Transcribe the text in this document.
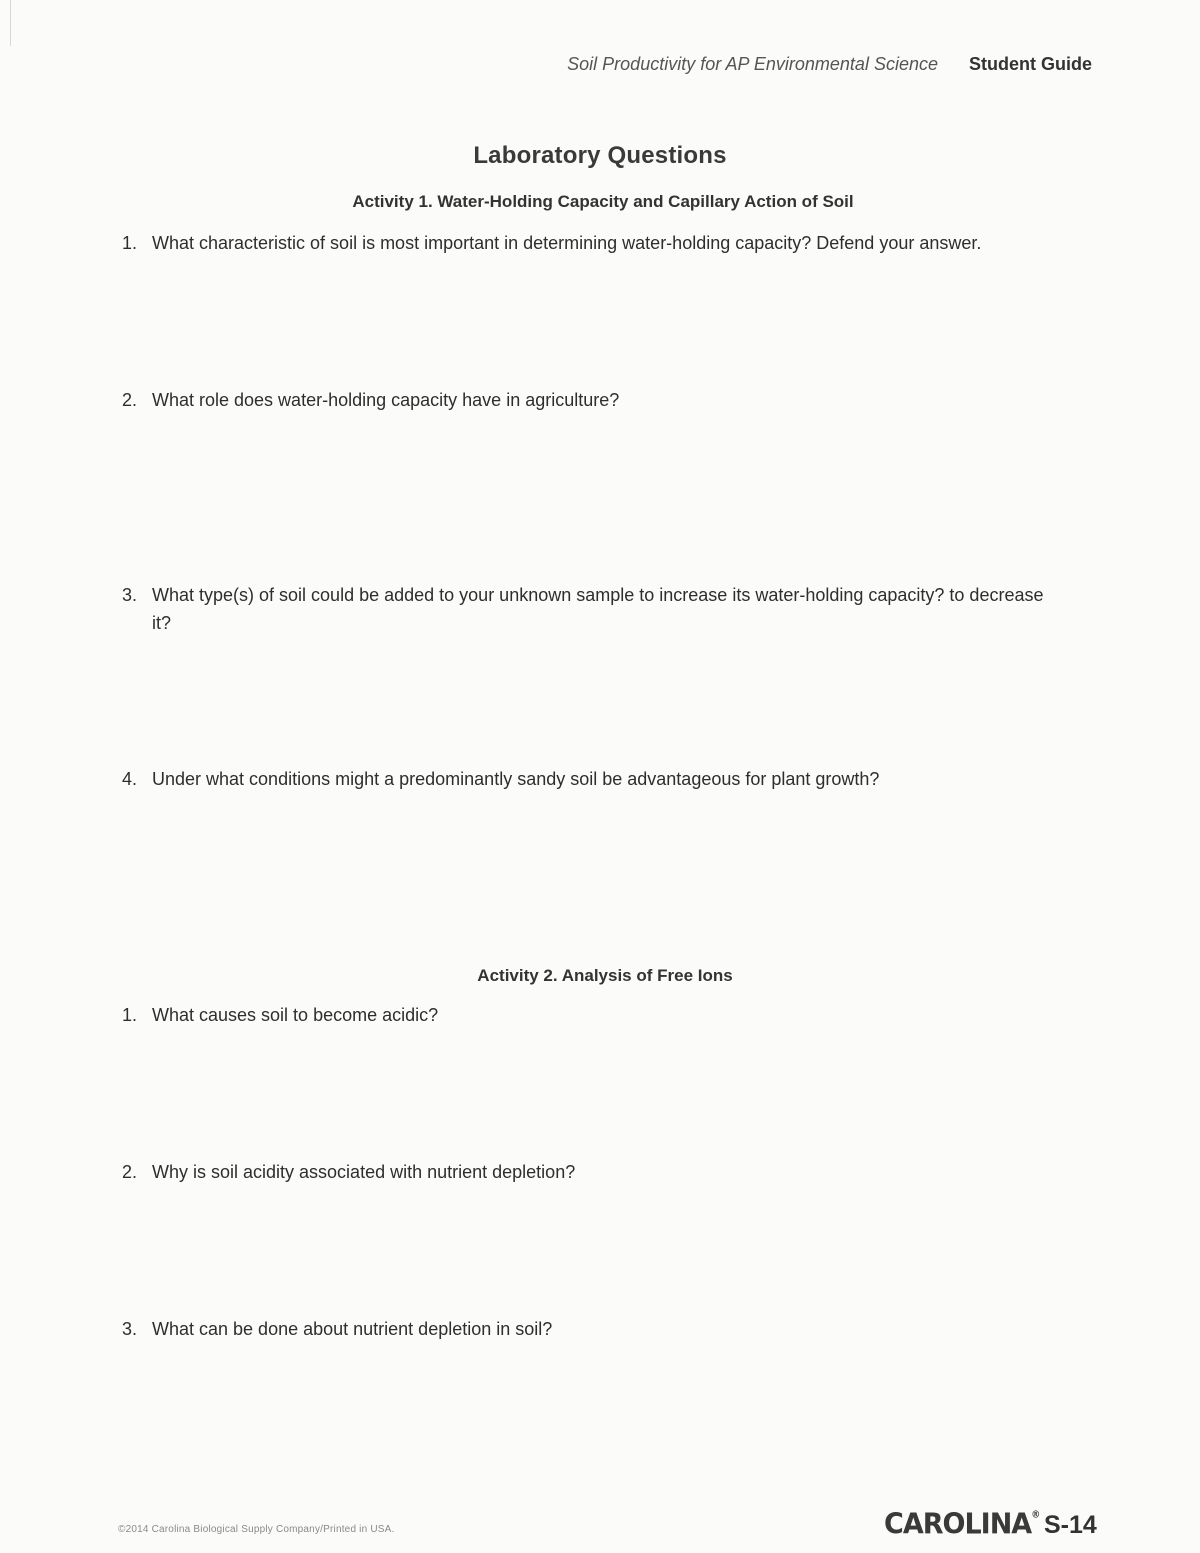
Soil Productivity for AP Environmental Science Student Guide
Laboratory Questions
Activity 1. Water-Holding Capacity and Capillary Action of Soil
1. What characteristic of soil is most important in determining water-holding capacity? Defend your answer.
2. What role does water-holding capacity have in agriculture?
3. What type(s) of soil could be added to your unknown sample to increase its water-holding capacity? to decrease it?
4. Under what conditions might a predominantly sandy soil be advantageous for plant growth?
Activity 2. Analysis of Free Ions
1. What causes soil to become acidic?
2. Why is soil acidity associated with nutrient depletion?
3. What can be done about nutrient depletion in soil?
©2014 Carolina Biological Supply Company/Printed in USA.	CAROLINA® S-14
